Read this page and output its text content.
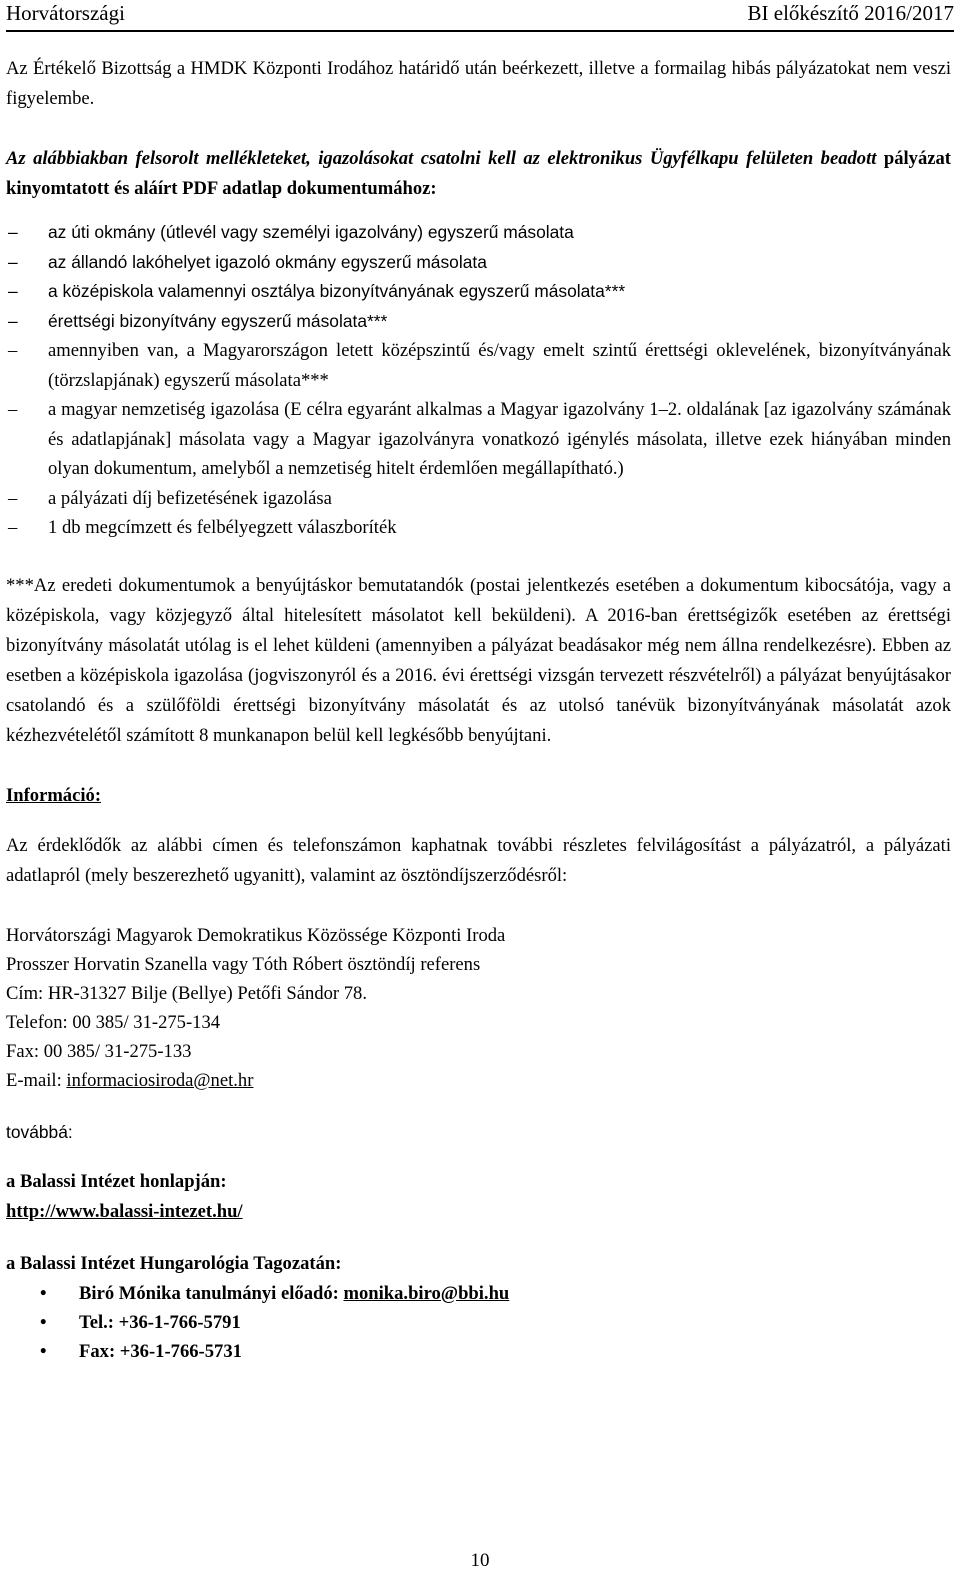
Horvátországi	BI előkészítő 2016/2017

Az Értékelő Bizottság a HMDK Központi Irodához határidő után beérkezett, illetve a formailag hibás pályázatokat nem veszi figyelembe.

Az alábbiakban felsorolt mellékleteket, igazolásokat csatolni kell az elektronikus Ügyfélkapu felületen beadott pályázat kinyomtatott és aláírt PDF adatlap dokumentumához:

–	az úti okmány (útlevél vagy személyi igazolvány) egyszerű másolata
–	az állandó lakóhelyet igazoló okmány egyszerű másolata
–	a középiskola valamennyi osztálya bizonyítványának egyszerű másolata***
–	érettségi bizonyítvány egyszerű másolata***
–	amennyiben van, a Magyarországon letett középszintű és/vagy emelt szintű érettségi oklevelének, bizonyítványának (törzslapjának) egyszerű másolata***
–	a magyar nemzetiség igazolása (E célra egyaránt alkalmas a Magyar igazolvány 1–2. oldalának [az igazolvány számának és adatlapjának] másolata vagy a Magyar igazolványra vonatkozó igénylés másolata, illetve ezek hiányában minden olyan dokumentum, amelyből a nemzetiség hitelt érdemlően megállapítható.)
–	a pályázati díj befizetésének igazolása
–	1 db megcímzett és felbélyegzett válaszboríték

***Az eredeti dokumentumok a benyújtáskor bemutatandók (postai jelentkezés esetében a dokumentum kibocsátója, vagy a középiskola, vagy közjegyző által hitelesített másolatot kell beküldeni). A 2016-ban érettségizők esetében az érettségi bizonyítvány másolatát utólag is el lehet küldeni (amennyiben a pályázat beadásakor még nem állna rendelkezésre). Ebben az esetben a középiskola igazolása (jogviszonyról és a 2016. évi érettségi vizsgán tervezett részvételről) a pályázat benyújtásakor csatolandó és a szülőföldi érettségi bizonyítvány másolatát és az utolsó tanévük bizonyítványának másolatát azok kézhezvételétől számított 8 munkanapon belül kell legkésőbb benyújtani.

Információ:

Az érdeklődők az alábbi címen és telefonszámon kaphatnak további részletes felvilágosítást a pályázatról, a pályázati adatlapról (mely beszerezhető ugyanitt), valamint az ösztöndíjszerződésről:

Horvátországi Magyarok Demokratikus Közössége Központi Iroda

Prosszer Horvatin Szanella vagy Tóth Róbert ösztöndíj referens

Cím: HR-31327 Bilje (Bellye) Petőfi Sándor 78.

Telefon: 00 385/ 31-275-134

Fax: 00 385/ 31-275-133

E-mail: informaciosiroda@net.hr

továbbá:

a Balassi Intézet honlapján:

http://www.balassi-intezet.hu/

a Balassi Intézet Hungarológia Tagozatán:

• Biró Mónika tanulmányi előadó: monika.biro@bbi.hu
• Tel.: +36-1-766-5791
• Fax: +36-1-766-5731
10
